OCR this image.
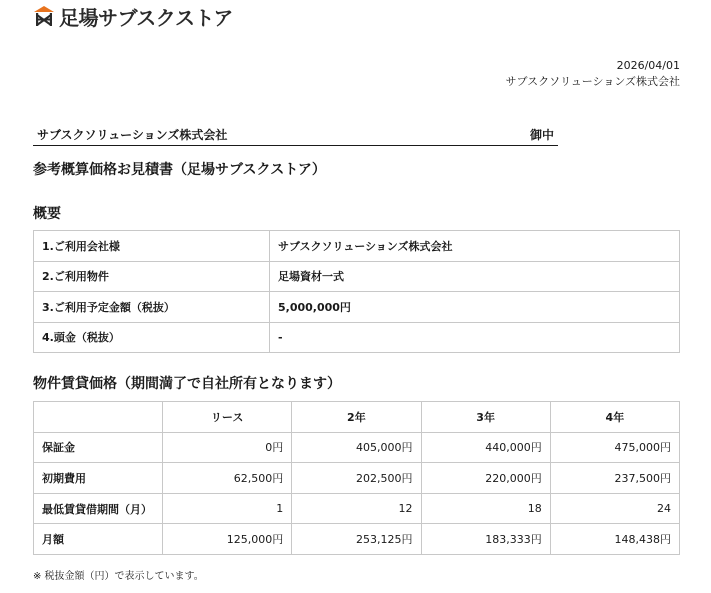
足場サブスクストア
2026/04/01
サブスクソリューションズ株式会社
サブスクソリューションズ株式会社	御中
参考概算価格お見積書（足場サブスクストア）
概要
1.ご利用会社様	サブスクソリューションズ株式会社
2.ご利用物件	足場資材一式
3.ご利用予定金額（税抜）	5,000,000円
4.頭金（税抜）	-
物件賃貸価格（期間満了で自社所有となります）
	リース	2年	3年	4年
保証金	0円	405,000円	440,000円	475,000円
初期費用	62,500円	202,500円	220,000円	237,500円
最低賃貸借期間（月）	1	12	18	24
月額	125,000円	253,125円	183,333円	148,438円
※ 税抜金額（円）で表示しています。
